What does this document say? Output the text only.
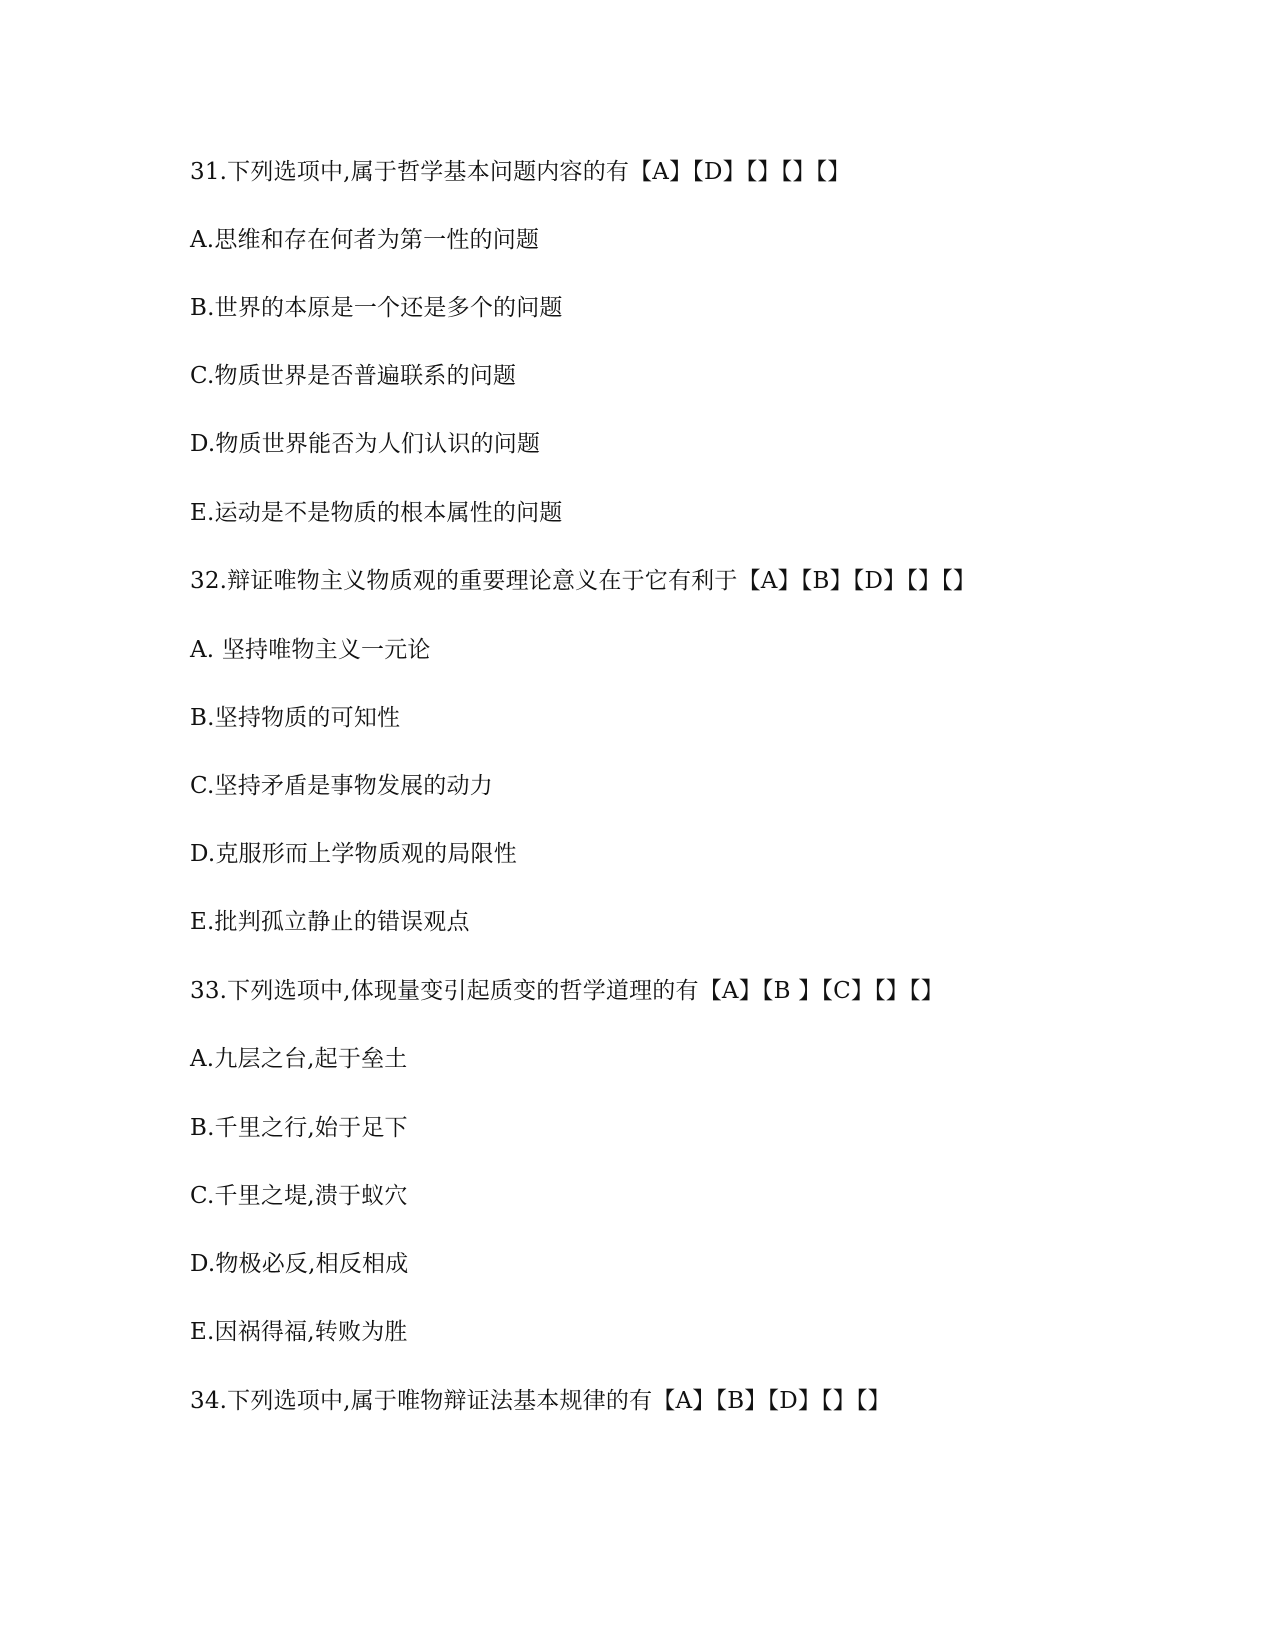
31.下列选项中,属于哲学基本问题内容的有【A】【D】【】【】【】
A.思维和存在何者为第一性的问题
B.世界的本原是一个还是多个的问题
C.物质世界是否普遍联系的问题
D.物质世界能否为人们认识的问题
E.运动是不是物质的根本属性的问题
32.辩证唯物主义物质观的重要理论意义在于它有利于【A】【B】【D】【】【】
A. 坚持唯物主义一元论
B.坚持物质的可知性
C.坚持矛盾是事物发展的动力
D.克服形而上学物质观的局限性
E.批判孤立静止的错误观点
33.下列选项中,体现量变引起质变的哲学道理的有【A】【B 】【C】【】【】
A.九层之台,起于垒土
B.千里之行,始于足下
C.千里之堤,溃于蚁穴
D.物极必反,相反相成
E.因祸得福,转败为胜
34.下列选项中,属于唯物辩证法基本规律的有【A】【B】【D】【】【】
